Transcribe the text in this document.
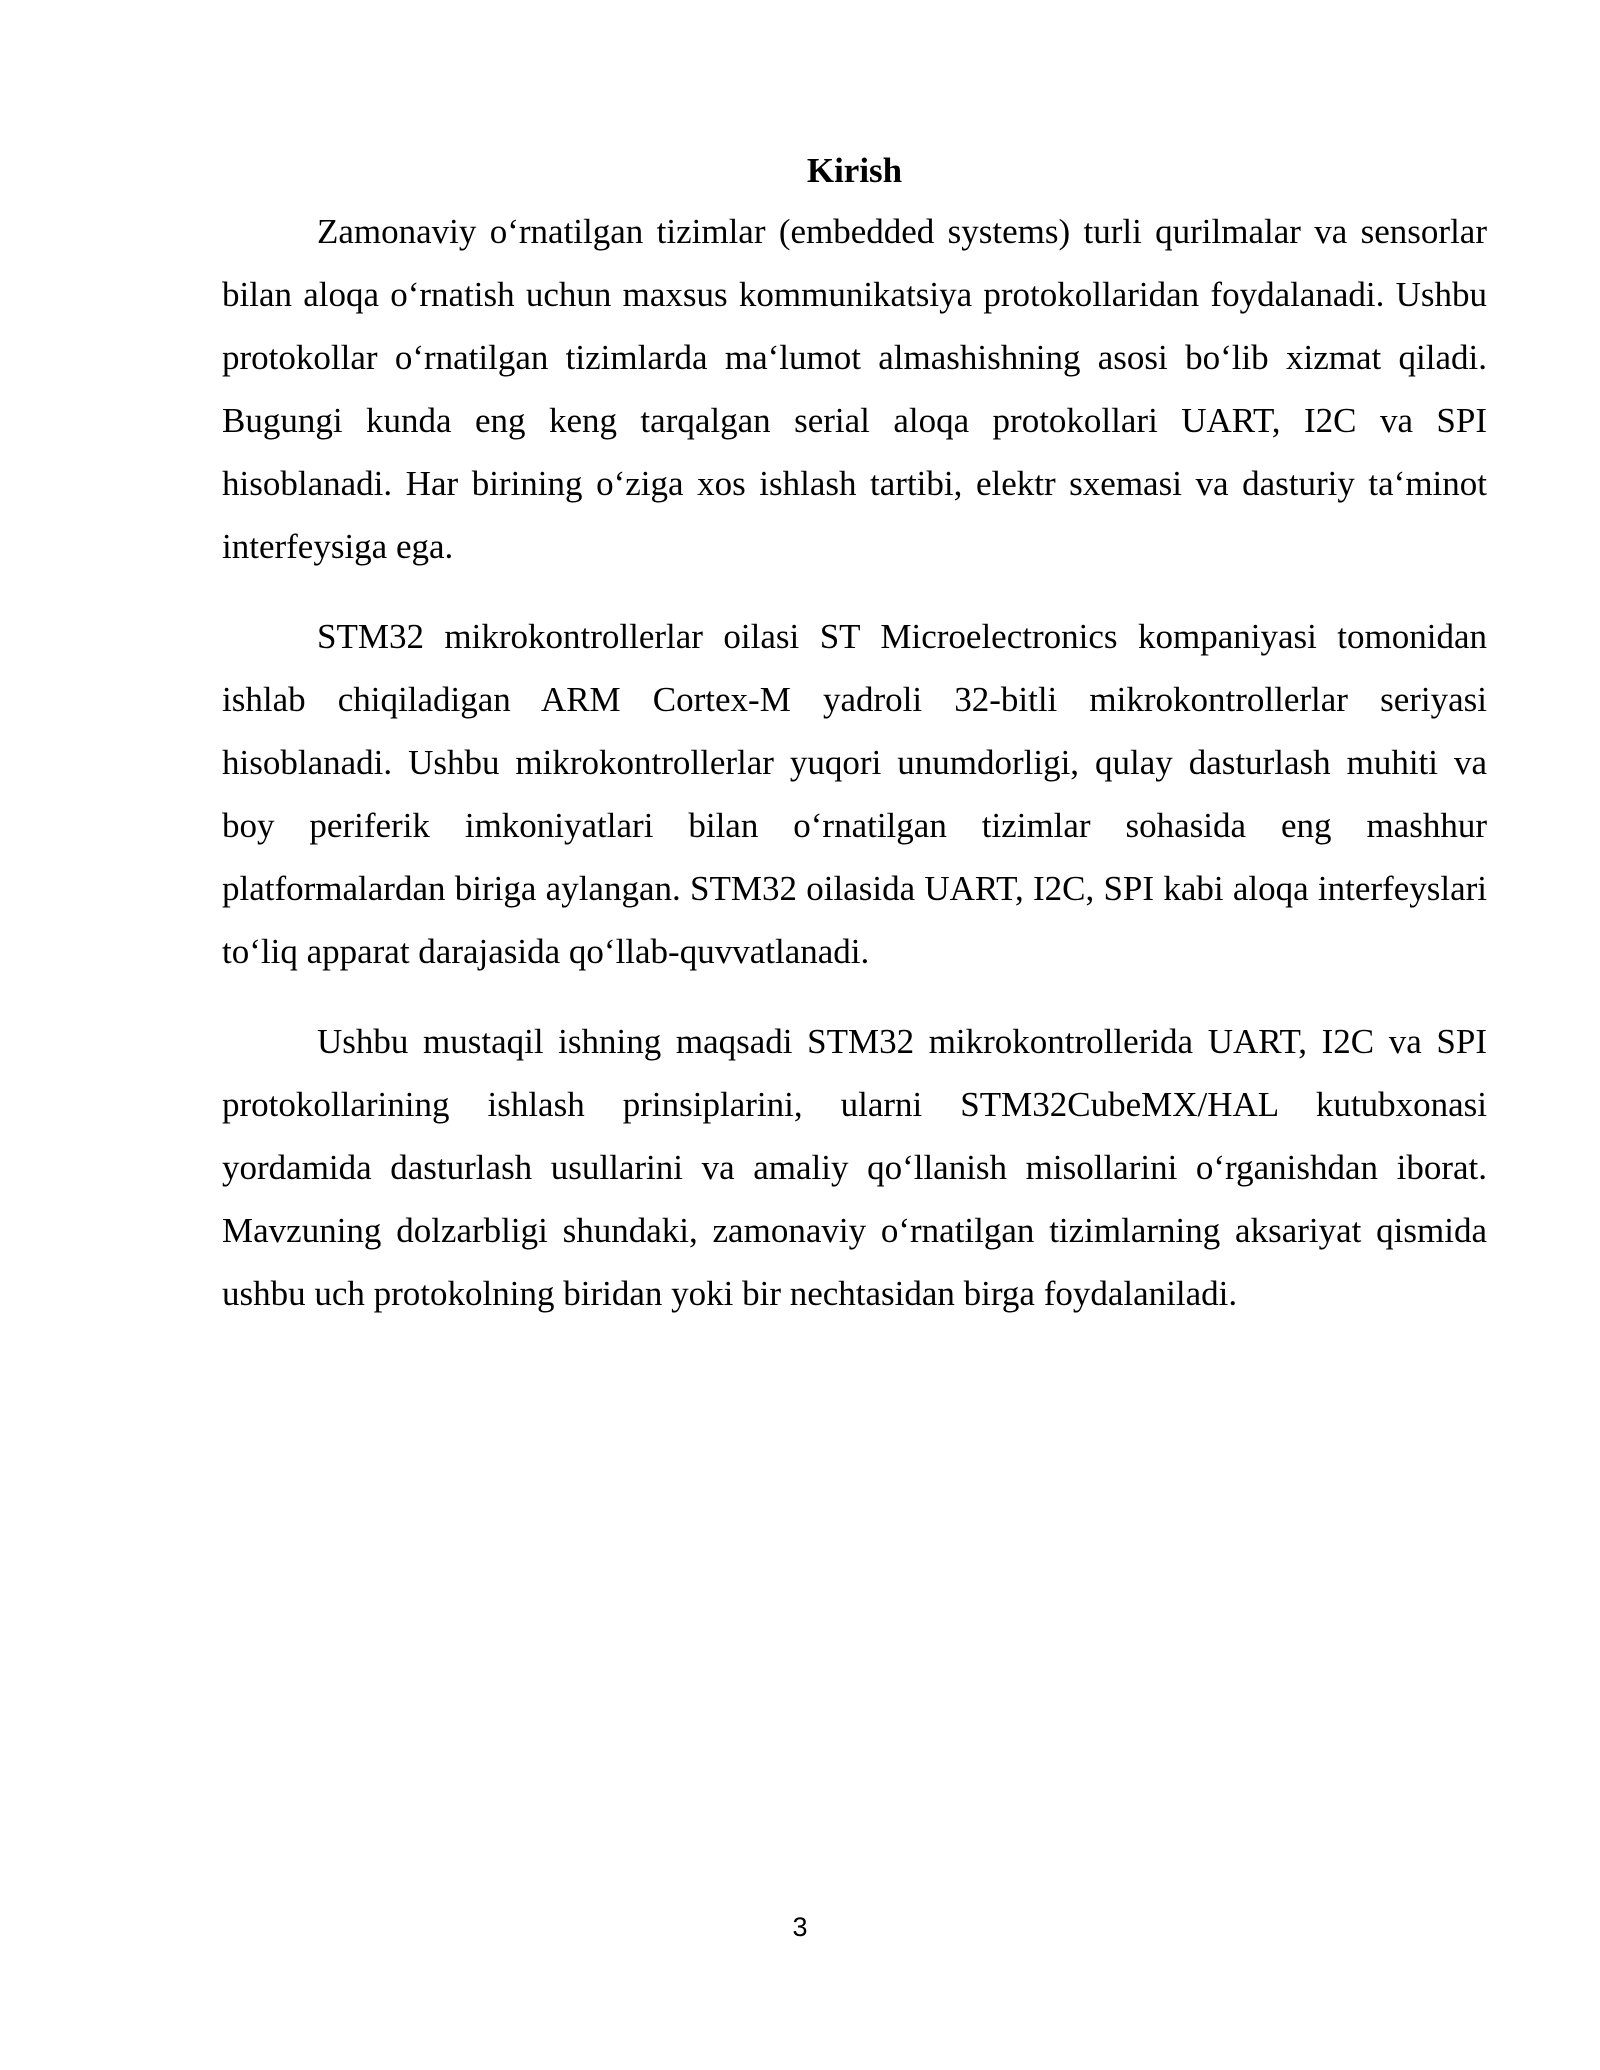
Kirish

Zamonaviy o‘rnatilgan tizimlar (embedded systems) turli qurilmalar va sensorlar bilan aloqa o‘rnatish uchun maxsus kommunikatsiya protokollaridan foydalanadi. Ushbu protokollar o‘rnatilgan tizimlarda ma‘lumot almashishning asosi bo‘lib xizmat qiladi. Bugungi kunda eng keng tarqalgan serial aloqa protokollari UART, I2C va SPI hisoblanadi. Har birining o‘ziga xos ishlash tartibi, elektr sxemasi va dasturiy ta‘minot interfeysiga ega.

STM32 mikrokontrollerlar oilasi ST Microelectronics kompaniyasi tomonidan ishlab chiqiladigan ARM Cortex-M yadroli 32-bitli mikrokontrollerlar seriyasi hisoblanadi. Ushbu mikrokontrollerlar yuqori unumdorligi, qulay dasturlash muhiti va boy periferik imkoniyatlari bilan o‘rnatilgan tizimlar sohasida eng mashhur platformalardan biriga aylangan. STM32 oilasida UART, I2C, SPI kabi aloqa interfeyslari to‘liq apparat darajasida qo‘llab-quvvatlanadi.

Ushbu mustaqil ishning maqsadi STM32 mikrokontrollerida UART, I2C va SPI protokollarining ishlash prinsiplarini, ularni STM32CubeMX/HAL kutubxonasi yordamida dasturlash usullarini va amaliy qo‘llanish misollarini o‘rganishdan iborat. Mavzuning dolzarbligi shundaki, zamonaviy o‘rnatilgan tizimlarning aksariyat qismida ushbu uch protokolning biridan yoki bir nechtasidan birga foydalaniladi.

3
